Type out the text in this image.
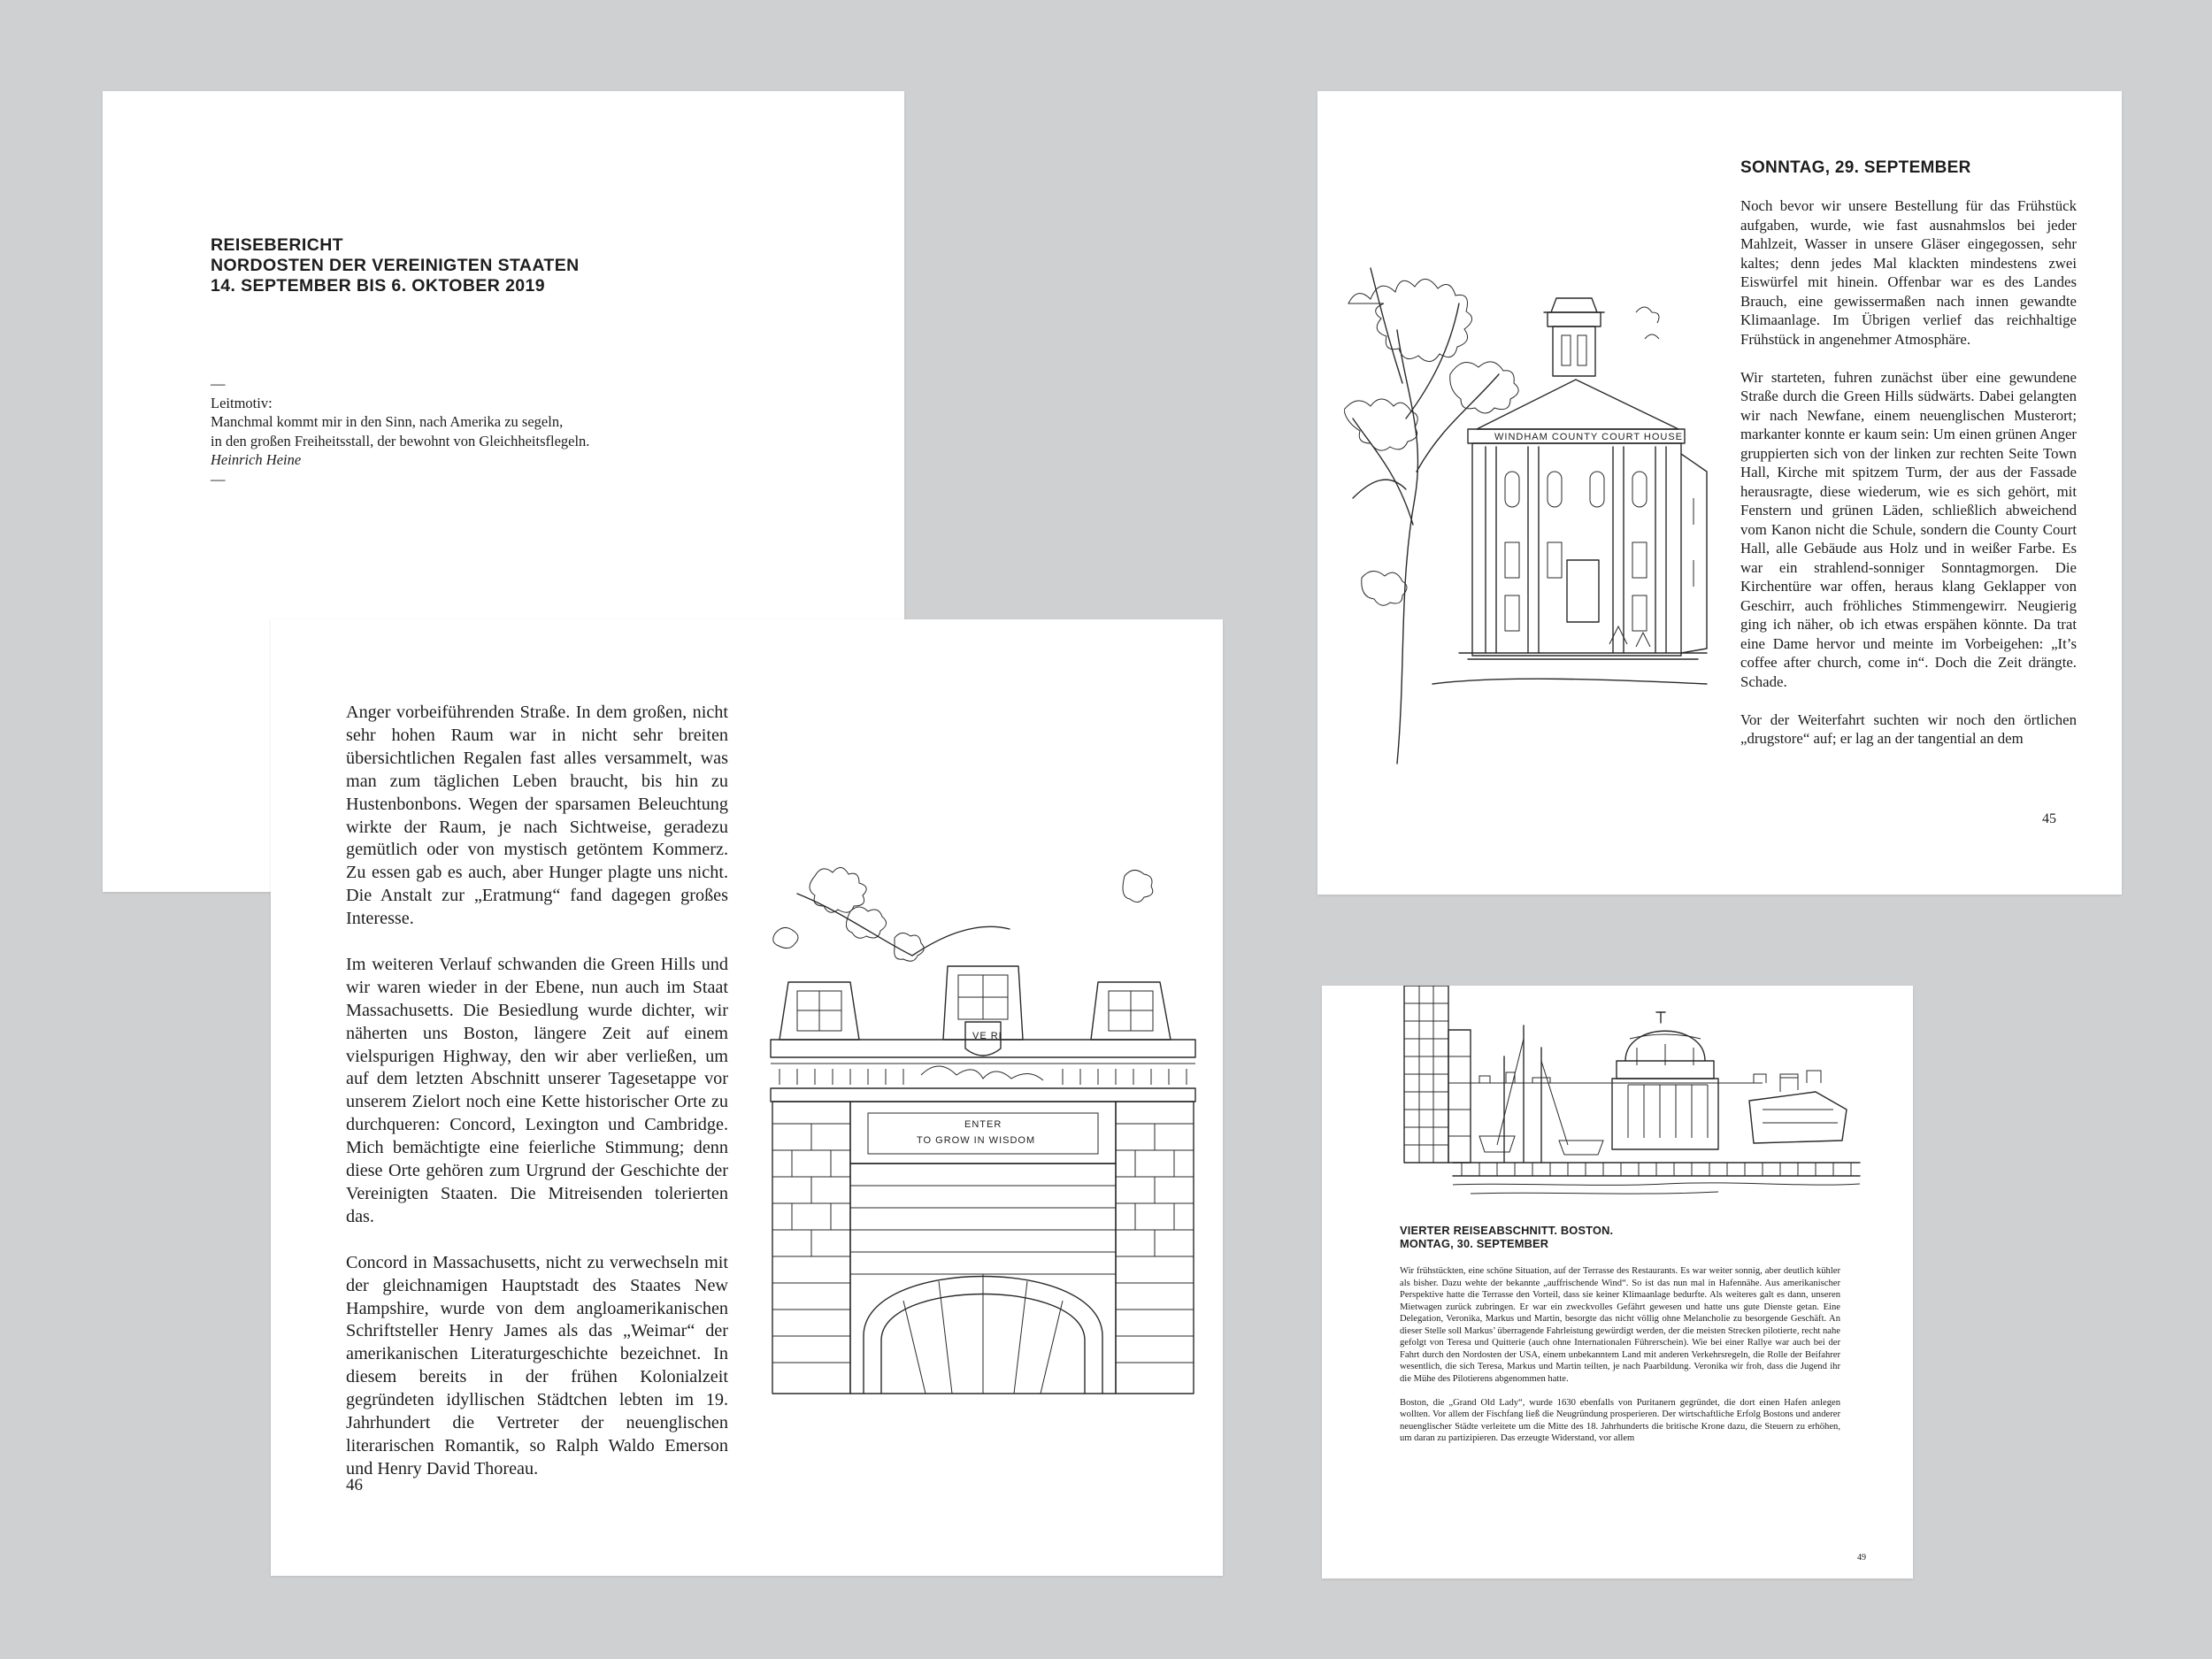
REISEBERICHT
NORDOSTEN DER VEREINIGTEN STAATEN
14. SEPTEMBER BIS 6. OKTOBER 2019
—
Leitmotiv:
Manchmal kommt mir in den Sinn, nach Amerika zu segeln,
in den großen Freiheitsstall, der bewohnt von Gleichheitsflegeln.
Heinrich Heine
—
WINDHAM COUNTY COURT HOUSE
SONNTAG, 29. SEPTEMBER

Noch bevor wir unsere Bestellung für das Frühstück aufgaben, wurde, wie fast ausnahmslos bei jeder Mahlzeit, Wasser in unsere Gläser eingegossen, sehr kaltes; denn jedes Mal klackten mindestens zwei Eiswürfel mit hinein. Offenbar war es des Landes Brauch, eine gewissermaßen nach innen gewandte Klimaanlage. Im Übrigen verlief das reichhaltige Frühstück in angenehmer Atmosphäre.

Wir starteten, fuhren zunächst über eine gewundene Straße durch die Green Hills südwärts. Dabei gelangten wir nach Newfane, einem neuenglischen Musterort; markanter konnte er kaum sein: Um einen grünen Anger gruppierten sich von der linken zur rechten Seite Town Hall, Kirche mit spitzem Turm, der aus der Fassade herausragte, diese wiederum, wie es sich gehört, mit Fenstern und grünen Läden, schließlich abweichend vom Kanon nicht die Schule, sondern die County Court Hall, alle Gebäude aus Holz und in weißer Farbe. Es war ein strahlend-sonniger Sonntagmorgen. Die Kirchentüre war offen, heraus klang Geklapper von Geschirr, auch fröhliches Stimmengewirr. Neugierig ging ich näher, ob ich etwas erspähen könnte. Da trat eine Dame hervor und meinte im Vorbeigehen: „It’s coffee after church, come in“. Doch die Zeit drängte. Schade.

Vor der Weiterfahrt suchten wir noch den örtlichen „drugstore“ auf; er lag an der tangential an dem

45

Anger vorbeiführenden Straße. In dem großen, nicht sehr hohen Raum war in nicht sehr breiten übersichtlichen Regalen fast alles versammelt, was man zum täglichen Leben braucht, bis hin zu Hustenbonbons. Wegen der sparsamen Beleuchtung wirkte der Raum, je nach Sichtweise, geradezu gemütlich oder von mystisch getöntem Kommerz. Zu essen gab es auch, aber Hunger plagte uns nicht. Die Anstalt zur „Eratmung“ fand dagegen großes Interesse.

Im weiteren Verlauf schwanden die Green Hills und wir waren wieder in der Ebene, nun auch im Staat Massachusetts. Die Besiedlung wurde dichter, wir näherten uns Boston, längere Zeit auf einem vielspurigen Highway, den wir aber verließen, um auf dem letzten Abschnitt unserer Tagesetappe vor unserem Zielort noch eine Kette historischer Orte zu durchqueren: Concord, Lexington und Cambridge. Mich bemächtigte eine feierliche Stimmung; denn diese Orte gehören zum Urgrund der Geschichte der Vereinigten Staaten. Die Mitreisenden tolerierten das.

Concord in Massachusetts, nicht zu verwechseln mit der gleichnamigen Hauptstadt des Staates New Hampshire, wurde von dem angloamerikanischen Schriftsteller Henry James als das „Weimar“ der amerikanischen Literaturgeschichte bezeichnet. In diesem bereits in der frühen Kolonialzeit gegründeten idyllischen Städtchen lebten im 19. Jahrhundert die Vertreter der neuenglischen literarischen Romantik, so Ralph Waldo Emerson und Henry David Thoreau.

VE RI
ENTER
TO GROW IN WISDOM
46
VIERTER REISEABSCHNITT. BOSTON.
MONTAG, 30. SEPTEMBER

Wir frühstückten, eine schöne Situation, auf der Terrasse des Restaurants. Es war weiter sonnig, aber deutlich kühler als bisher. Dazu wehte der bekannte „auffrischende Wind“. So ist das nun mal in Hafennähe. Aus amerikanischer Perspektive hatte die Terrasse den Vorteil, dass sie keiner Klimaanlage bedurfte. Als weiteres galt es dann, unseren Mietwagen zurück zubringen. Er war ein zweckvolles Gefährt gewesen und hatte uns gute Dienste getan. Eine Delegation, Veronika, Markus und Martin, besorgte das nicht völlig ohne Melancholie zu besorgende Geschäft. An dieser Stelle soll Markus’ überragende Fahrleistung gewürdigt werden, der die meisten Strecken pilotierte, recht nahe gefolgt von Teresa und Quitterie (auch ohne Internationalen Führerschein). Wie bei einer Rallye war auch bei der Fahrt durch den Nordosten der USA, einem unbekanntem Land mit anderen Verkehrsregeln, die Rolle der Beifahrer wesentlich, die sich Teresa, Markus und Martin teilten, je nach Paarbildung. Veronika wir froh, dass die Jugend ihr die Mühe des Pilotierens abgenommen hatte.

Boston, die „Grand Old Lady“, wurde 1630 ebenfalls von Puritanern gegründet, die dort einen Hafen anlegen wollten. Vor allem der Fischfang ließ die Neugründung prosperieren. Der wirtschaftliche Erfolg Bostons und anderer neuenglischer Städte verleitete um die Mitte des 18. Jahrhunderts die britische Krone dazu, die Steuern zu erhöhen, um daran zu partizipieren. Das erzeugte Widerstand, vor allem

49
